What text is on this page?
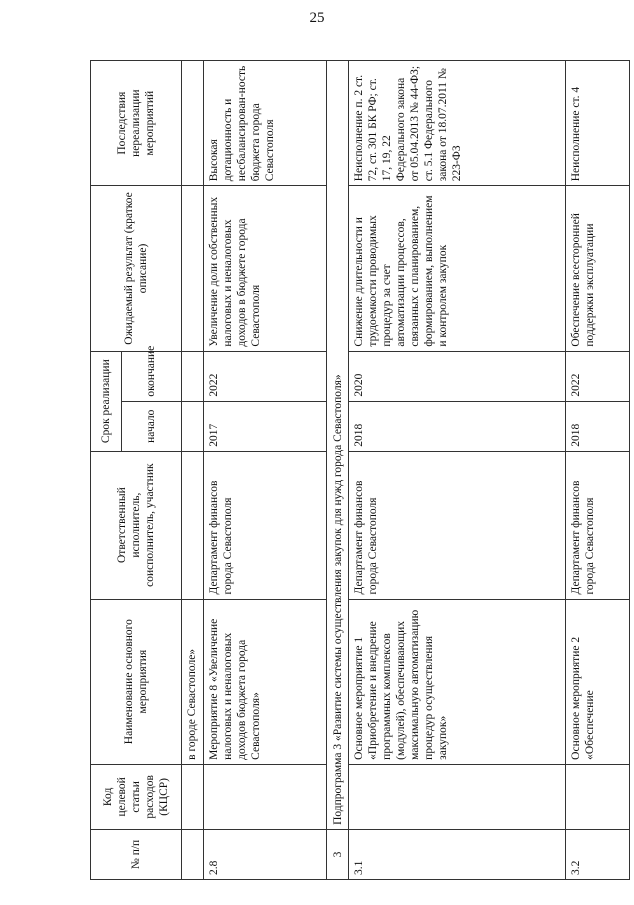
25
№ п/п	Код целевой статьи расходов (КЦСР)	Наименование основного мероприятия	Ответственный исполнитель, соисполнитель, участник	Срок реализации		Ожидаемый результат (краткое описание)	Последствия нереализации мероприятий
				начало	окончание		
		в городе Севастополе»					
2.8		Мероприятие 8 «Увеличение налоговых и неналоговых доходов бюджета города Севастополя»	Департамент финансов города Севастополя	2017	2022	Увеличение доли собственных налоговых и неналоговых доходов в бюджете города Севастополя	Высокая дотационность и несбалансирован-ность бюджета города Севастополя
3	Подпрограмма 3 «Развитие системы осуществления закупок для нужд города Севастополя»						
3.1		Основное мероприятие 1 «Приобретение и внедрение программных комплексов (модулей), обеспечивающих максимальную автоматизацию процедур осуществления закупок»	Департамент финансов города Севастополя	2018	2020	Снижение длительности и трудоемкости проводимых процедур за счет автоматизации процессов, связанных с планированием, формированием, выполнением и контролем закупок	Неисполнение п. 2 ст. 72, ст. 301 БК РФ; ст. 17, 19, 22 Федерального закона от 05.04.2013 № 44-ФЗ; ст. 5.1 Федерального закона от 18.07.2011 № 223-ФЗ
3.2		Основное мероприятие 2 «Обеспечение	Департамент финансов города Севастополя	2018	2022	Обеспечение всесторонней поддержки эксплуатации	Неисполнение ст. 4
